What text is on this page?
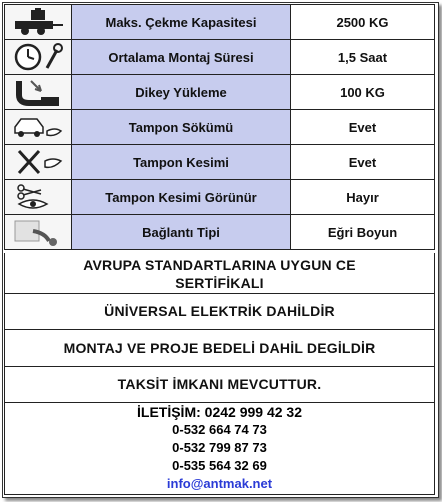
	Maks. Çekme Kapasitesi	2500 KG

	Ortalama Montaj Süresi	1,5 Saat

	Dikey Yükleme	100 KG

	Tampon Sökümü	Evet

	Tampon Kesimi	Evet

	Tampon Kesimi Görünür	Hayır

	Bağlantı Tipi	Eğri Boyun
AVRUPA STANDARTLARINA UYGUN CE
SERTİFİKALI
ÜNİVERSAL ELEKTRİK DAHİLDİR
MONTAJ VE PROJE BEDELİ DAHİL DEGİLDİR
TAKSİT İMKANI MEVCUTTUR.
İLETİŞİM: 0242 999 42 32
0-532 664 74 73
0-532 799 87 73
0-535 564 32 69
info@antmak.net
